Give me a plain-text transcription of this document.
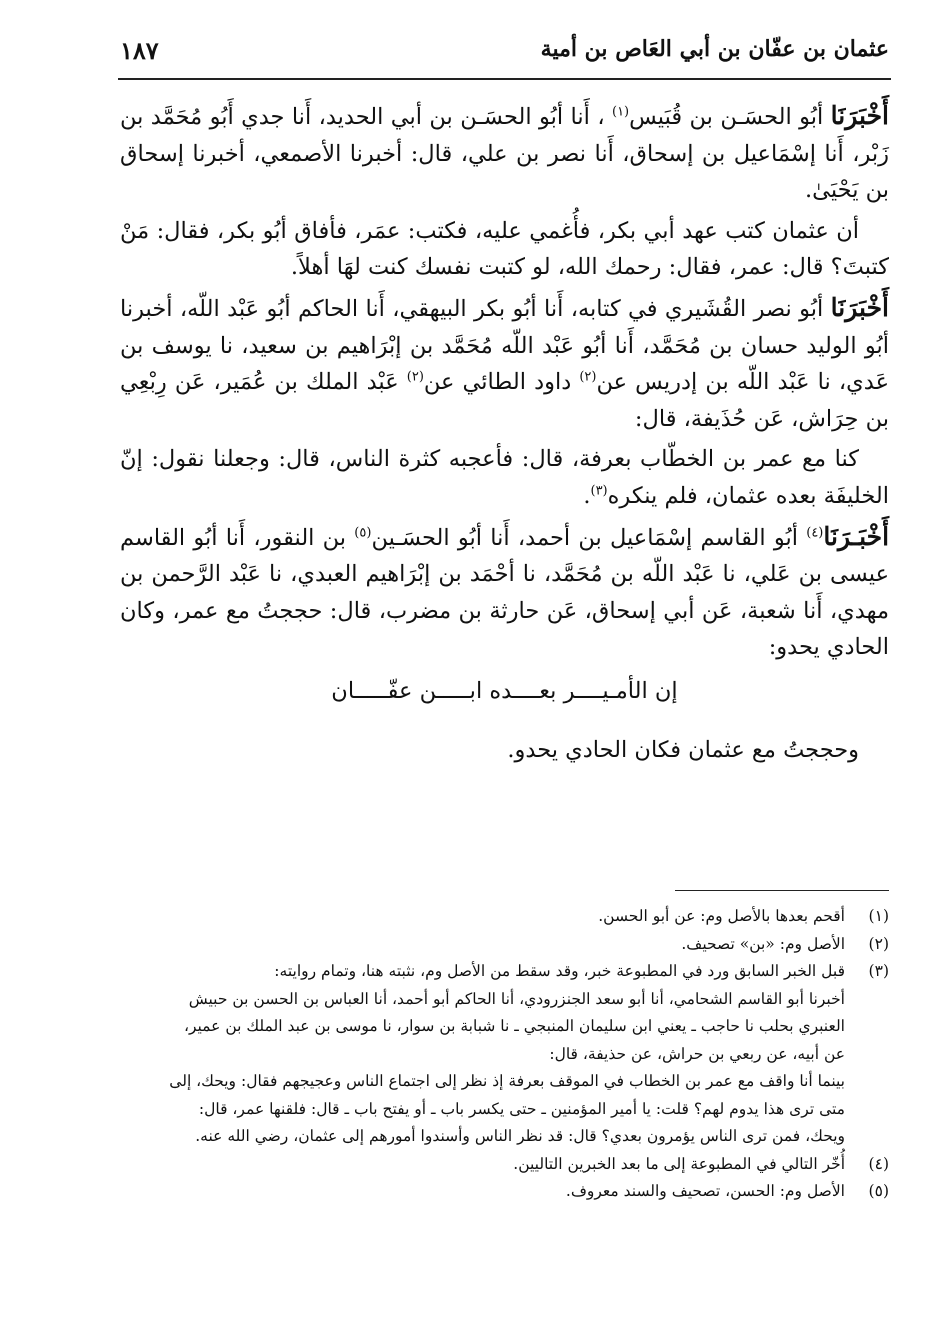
١٨٧	عثمان بن عفّان بن أبي العَاص بن أمية

أَخْبَرَنَا أبُو الحسَـن بن قُبَيس$^{(١)}$ ، أَنا أبُو الحسَـن بن أبي الحديد، أَنا جدي أَبُو مُحَمَّد بن زَبْر، أَنا إسْمَاعيل بن إسحاق، أَنا نصر بن علي، قال: أخبرنا الأصمعي، أخبرنا إسحاق بن يَحْيَىٰ.

أن عثمان كتب عهد أبي بكر، فأُغمي عليه، فكتب: عمَر، فأفاق أبُو بكر، فقال: مَنْ كتبتَ؟ قال: عمر، فقال: رحمك الله، لو كتبت نفسك كنت لهَا أهلاً.

أَخْبَرَنَا أبُو نصر القُشَيري في كتابه، أَنا أبُو بكر البيهقي، أَنا الحاكم أبُو عَبْد اللّه، أخبرنا أبُو الوليد حسان بن مُحَمَّد، أَنا أبُو عَبْد اللّه مُحَمَّد بن إبْرَاهيم بن سعيد، نا يوسف بن عَدي، نا عَبْد اللّه بن إدريس عن$^{(٢)}$ داود الطائي عن$^{(٢)}$ عَبْد الملك بن عُمَير، عَن رِبْعِي بن حِرَاش، عَن حُذَيفة، قال:

كنا مع عمر بن الخطّاب بعرفة، قال: فأعجبه كثرة الناس، قال: وجعلنا نقول: إنّ الخليفَة بعده عثمان، فلم ينكره$^{(٣)}$.

أَخْبَـرَنَا$^{(٤)}$ أبُو القاسم إسْمَاعيل بن أحمد، أَنا أبُو الحسَـين$^{(٥)}$ بن النقور، أَنا أبُو القاسم عيسى بن عَلي، نا عَبْد اللّه بن مُحَمَّد، نا أحْمَد بن إبْرَاهيم العبدي، نا عَبْد الرَّحمن بن مهدي، أَنا شعبة، عَن أبي إسحاق، عَن حارثة بن مضرب، قال: حججتُ مع عمر، وكان الحادي يحدو:

إن الأمـيــــر بعــــده ابـــــن عفّـــــان

وحججتُ مع عثمان فكان الحادي يحدو.

(١)
أقحم بعدها بالأصل وم: عن أبو الحسن.
(٢)
الأصل وم: «بن» تصحيف.
(٣)
قبل الخبر السابق ورد في المطبوعة خبر، وقد سقط من الأصل وم، نثبته هنا، وتمام روايته:
أخبرنا أبو القاسم الشحامي، أنا أبو سعد الجنزرودي، أنا الحاكم أبو أحمد، أنا العباس بن الحسن بن حبيش
العنبري بحلب نا حاجب ـ يعني ابن سليمان المنبجي ـ نا شبابة بن سوار، نا موسى بن عبد الملك بن عمير،
عن أبيه، عن ربعي بن حراش، عن حذيفة، قال:
بينما أنا واقف مع عمر بن الخطاب في الموقف بعرفة إذ نظر إلى اجتماع الناس وعجيجهم فقال: ويحك، إلى
متى ترى هذا يدوم لهم؟ قلت: يا أمير المؤمنين ـ حتى يكسر باب ـ أو يفتح باب ـ قال: فلقنها عمر، قال:
ويحك، فمن ترى الناس يؤمرون بعدي؟ قال: قد نظر الناس وأسندوا أمورهم إلى عثمان، رضي الله عنه.
(٤)
أُخّر التالي في المطبوعة إلى ما بعد الخبرين التاليين.
(٥)
الأصل وم: الحسن، تصحيف والسند معروف.
